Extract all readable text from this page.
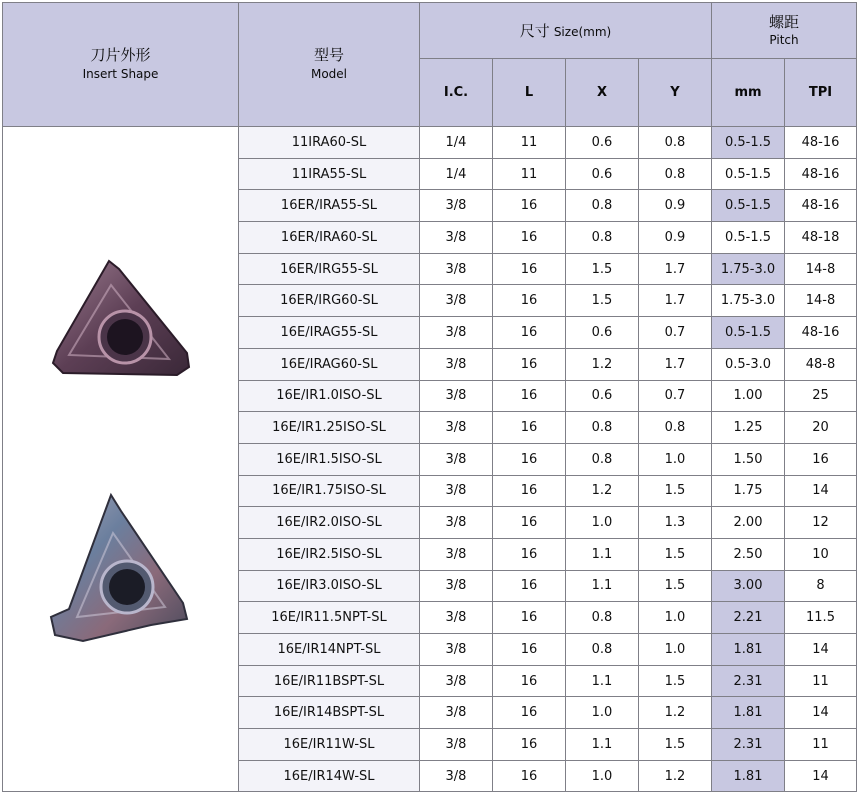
刀片外形
Insert Shape	型号
Model	尺寸 Size(mm)				螺距
Pitch	

		I.C.	L	X	Y	mm	TPI

	11IRA60-SL	1/4	11	0.6	0.8	0.5-1.5	48-16
	11IRA55-SL	1/4	11	0.6	0.8	0.5-1.5	48-16
	16ER/IRA55-SL	3/8	16	0.8	0.9	0.5-1.5	48-16
	16ER/IRA60-SL	3/8	16	0.8	0.9	0.5-1.5	48-18
	16ER/IRG55-SL	3/8	16	1.5	1.7	1.75-3.0	14-8
	16ER/IRG60-SL	3/8	16	1.5	1.7	1.75-3.0	14-8
	16E/IRAG55-SL	3/8	16	0.6	0.7	0.5-1.5	48-16
	16E/IRAG60-SL	3/8	16	1.2	1.7	0.5-3.0	48-8
	16E/IR1.0ISO-SL	3/8	16	0.6	0.7	1.00	25
	16E/IR1.25ISO-SL	3/8	16	0.8	0.8	1.25	20
	16E/IR1.5ISO-SL	3/8	16	0.8	1.0	1.50	16
	16E/IR1.75ISO-SL	3/8	16	1.2	1.5	1.75	14
	16E/IR2.0ISO-SL	3/8	16	1.0	1.3	2.00	12
	16E/IR2.5ISO-SL	3/8	16	1.1	1.5	2.50	10
	16E/IR3.0ISO-SL	3/8	16	1.1	1.5	3.00	8
	16E/IR11.5NPT-SL	3/8	16	0.8	1.0	2.21	11.5
	16E/IR14NPT-SL	3/8	16	0.8	1.0	1.81	14
	16E/IR11BSPT-SL	3/8	16	1.1	1.5	2.31	11
	16E/IR14BSPT-SL	3/8	16	1.0	1.2	1.81	14
	16E/IR11W-SL	3/8	16	1.1	1.5	2.31	11
	16E/IR14W-SL	3/8	16	1.0	1.2	1.81	14
